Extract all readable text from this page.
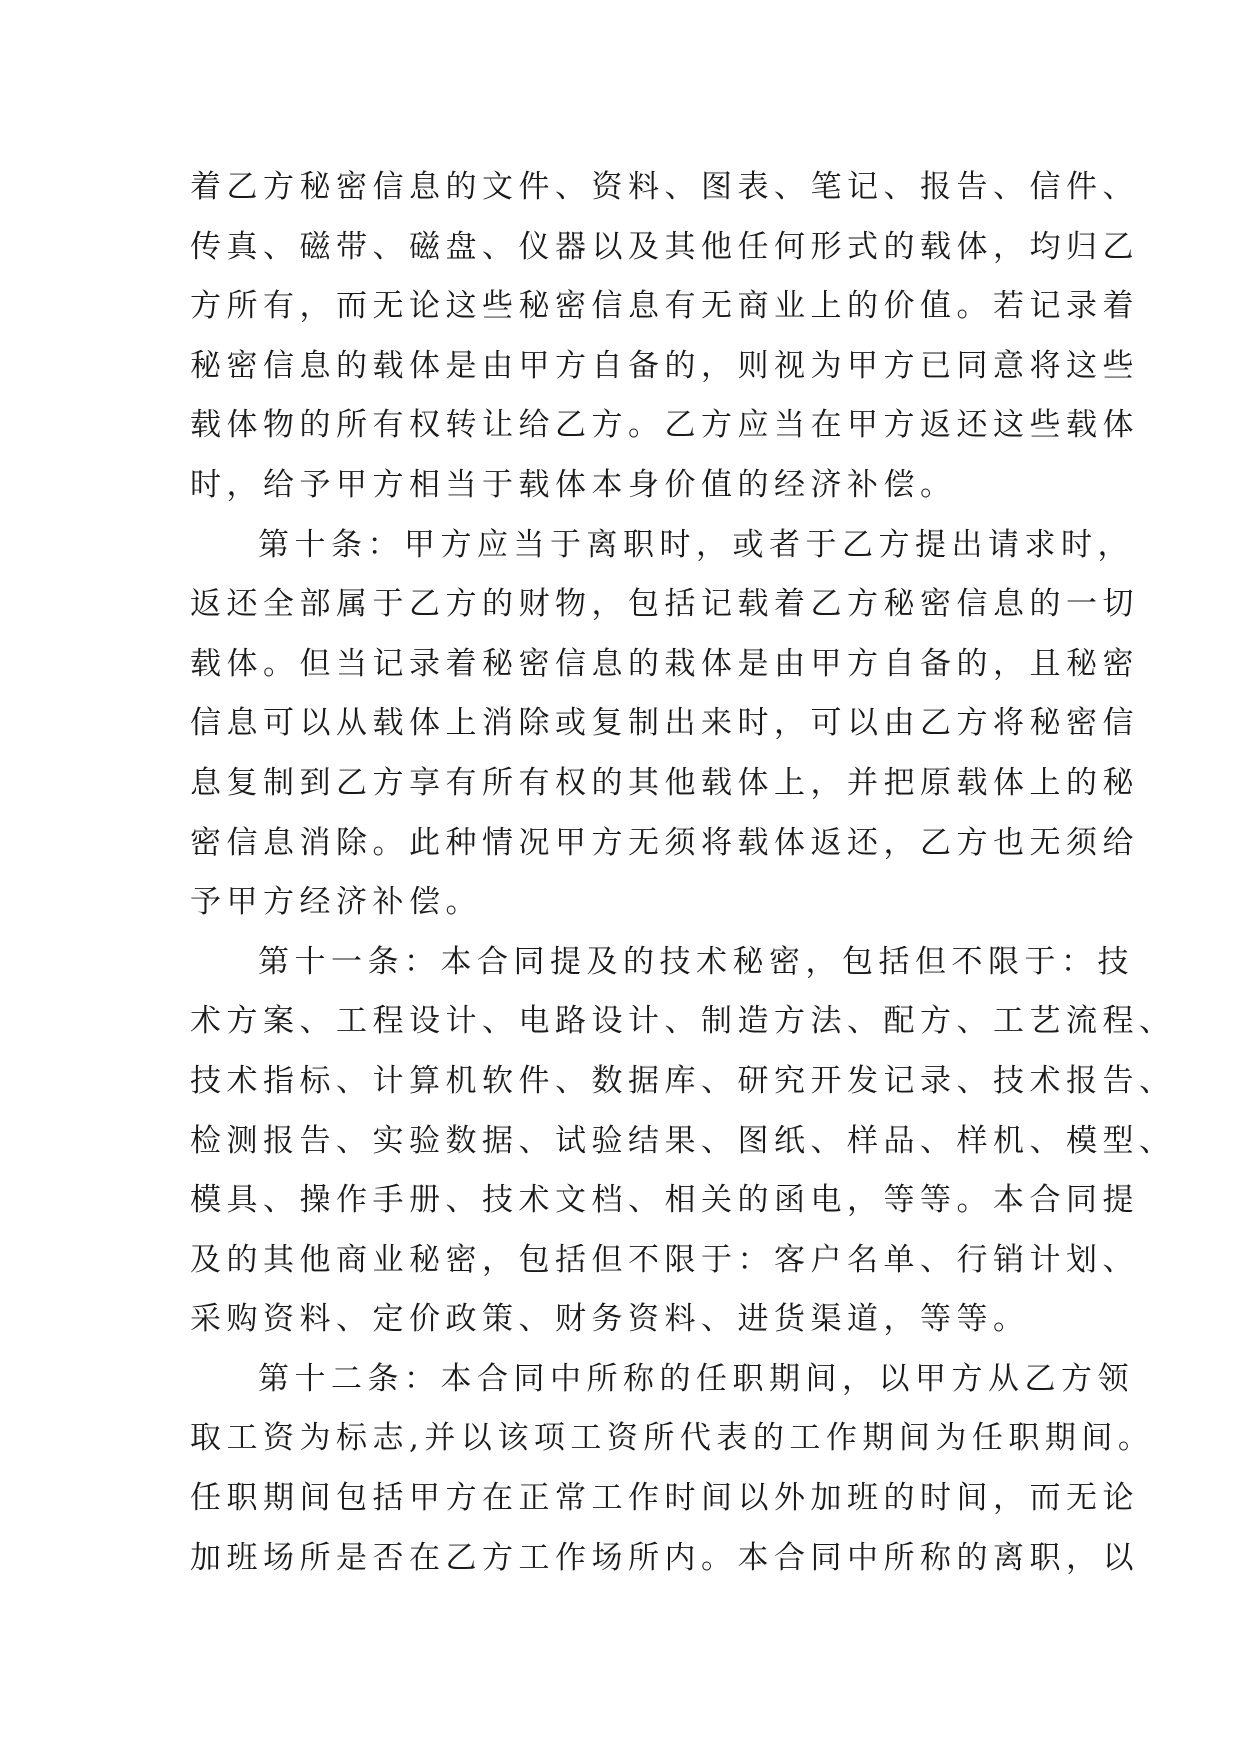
着乙方秘密信息的文件、资料、图表、笔记、报告、信件、
传真、磁带、磁盘、仪器以及其他任何形式的载体，均归乙
方所有，而无论这些秘密信息有无商业上的价值。若记录着
秘密信息的载体是由甲方自备的，则视为甲方已同意将这些
载体物的所有权转让给乙方。乙方应当在甲方返还这些载体
时，给予甲方相当于载体本身价值的经济补偿。
第十条：甲方应当于离职时，或者于乙方提出请求时，
返还全部属于乙方的财物，包括记载着乙方秘密信息的一切
载体。但当记录着秘密信息的栽体是由甲方自备的，且秘密
信息可以从载体上消除或复制出来时，可以由乙方将秘密信
息复制到乙方享有所有权的其他载体上，并把原载体上的秘
密信息消除。此种情况甲方无须将载体返还，乙方也无须给
予甲方经济补偿。
第十一条：本合同提及的技术秘密，包括但不限于：技
术方案、工程设计、电路设计、制造方法、配方、工艺流程、
技术指标、计算机软件、数据库、研究开发记录、技术报告、
检测报告、实验数据、试验结果、图纸、样品、样机、模型、
模具、操作手册、技术文档、相关的函电，等等。本合同提
及的其他商业秘密，包括但不限于：客户名单、行销计划、
采购资料、定价政策、财务资料、进货渠道，等等。
第十二条：本合同中所称的任职期间，以甲方从乙方领
取工资为标志,并以该项工资所代表的工作期间为任职期间。
任职期间包括甲方在正常工作时间以外加班的时间，而无论
加班场所是否在乙方工作场所内。本合同中所称的离职，以
